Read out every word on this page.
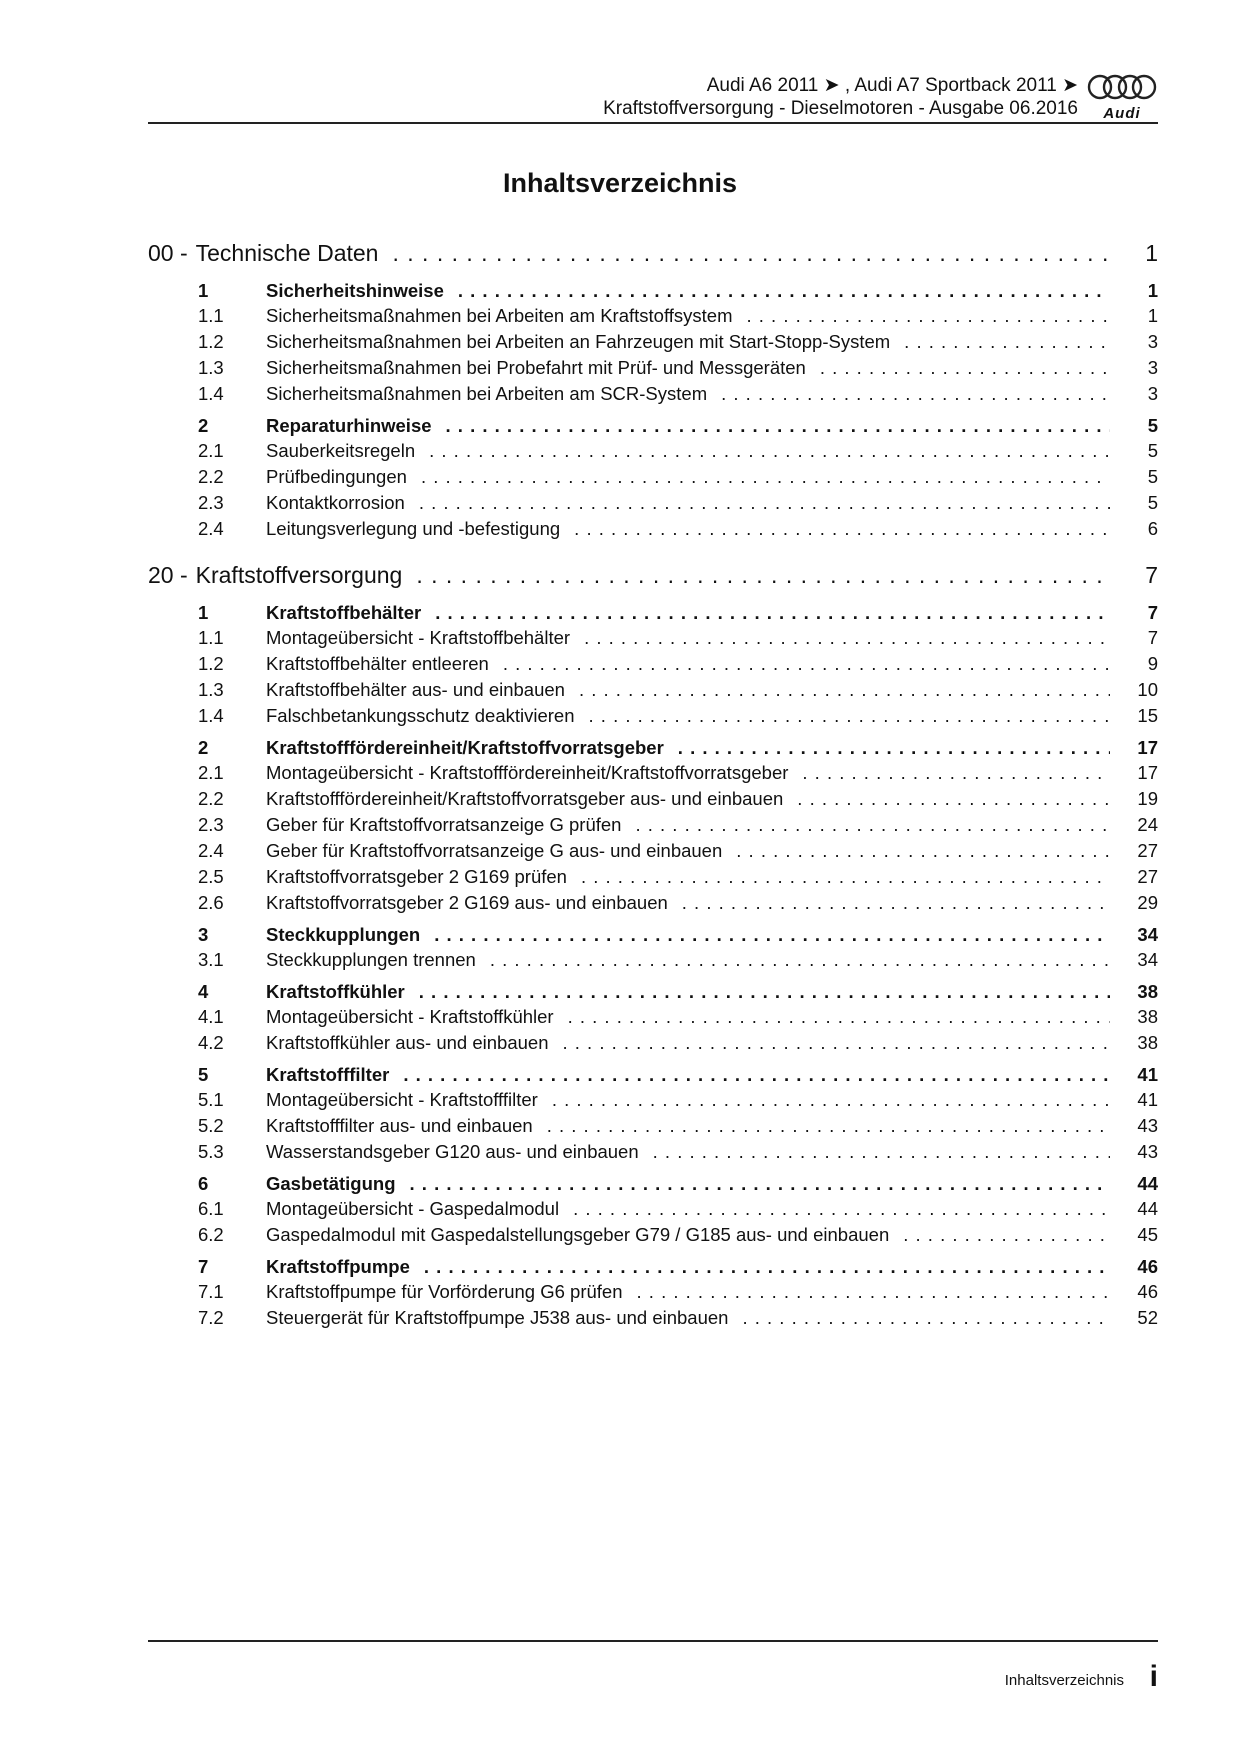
Audi A6 2011 ➤ , Audi A7 Sportback 2011 ➤
Kraftstoffversorgung - Dieselmotoren - Ausgabe 06.2016	Audi
Inhaltsverzeichnis
00 - Technische Daten . . .	1
1	Sicherheitshinweise . . .	1
1.1	Sicherheitsmaßnahmen bei Arbeiten am Kraftstoffsystem . . .	1
1.2	Sicherheitsmaßnahmen bei Arbeiten an Fahrzeugen mit Start-Stopp-System . . .	3
1.3	Sicherheitsmaßnahmen bei Probefahrt mit Prüf- und Messgeräten . . .	3
1.4	Sicherheitsmaßnahmen bei Arbeiten am SCR-System . . .	3
2	Reparaturhinweise . . .	5
2.1	Sauberkeitsregeln . . .	5
2.2	Prüfbedingungen . . .	5
2.3	Kontaktkorrosion . . .	5
2.4	Leitungsverlegung und -befestigung . . .	6
20 - Kraftstoffversorgung . . .	7
1	Kraftstoffbehälter . . .	7
1.1	Montageübersicht - Kraftstoffbehälter . . .	7
1.2	Kraftstoffbehälter entleeren . . .	9
1.3	Kraftstoffbehälter aus- und einbauen . . .	10
1.4	Falschbetankungsschutz deaktivieren . . .	15
2	Kraftstofffördereinheit/Kraftstoffvorratsgeber . . .	17
2.1	Montageübersicht - Kraftstofffördereinheit/Kraftstoffvorratsgeber . . .	17
2.2	Kraftstofffördereinheit/Kraftstoffvorratsgeber aus- und einbauen . . .	19
2.3	Geber für Kraftstoffvorratsanzeige G prüfen . . .	24
2.4	Geber für Kraftstoffvorratsanzeige G aus- und einbauen . . .	27
2.5	Kraftstoffvorratsgeber 2 G169 prüfen . . .	27
2.6	Kraftstoffvorratsgeber 2 G169 aus- und einbauen . . .	29
3	Steckkupplungen . . .	34
3.1	Steckkupplungen trennen . . .	34
4	Kraftstoffkühler . . .	38
4.1	Montageübersicht - Kraftstoffkühler . . .	38
4.2	Kraftstoffkühler aus- und einbauen . . .	38
5	Kraftstofffilter . . .	41
5.1	Montageübersicht - Kraftstofffilter . . .	41
5.2	Kraftstofffilter aus- und einbauen . . .	43
5.3	Wasserstandsgeber G120 aus- und einbauen . . .	43
6	Gasbetätigung . . .	44
6.1	Montageübersicht - Gaspedalmodul . . .	44
6.2	Gaspedalmodul mit Gaspedalstellungsgeber G79 / G185 aus- und einbauen . . .	45
7	Kraftstoffpumpe . . .	46
7.1	Kraftstoffpumpe für Vorförderung G6 prüfen . . .	46
7.2	Steuergerät für Kraftstoffpumpe J538 aus- und einbauen . . .	52
Inhaltsverzeichnis i
